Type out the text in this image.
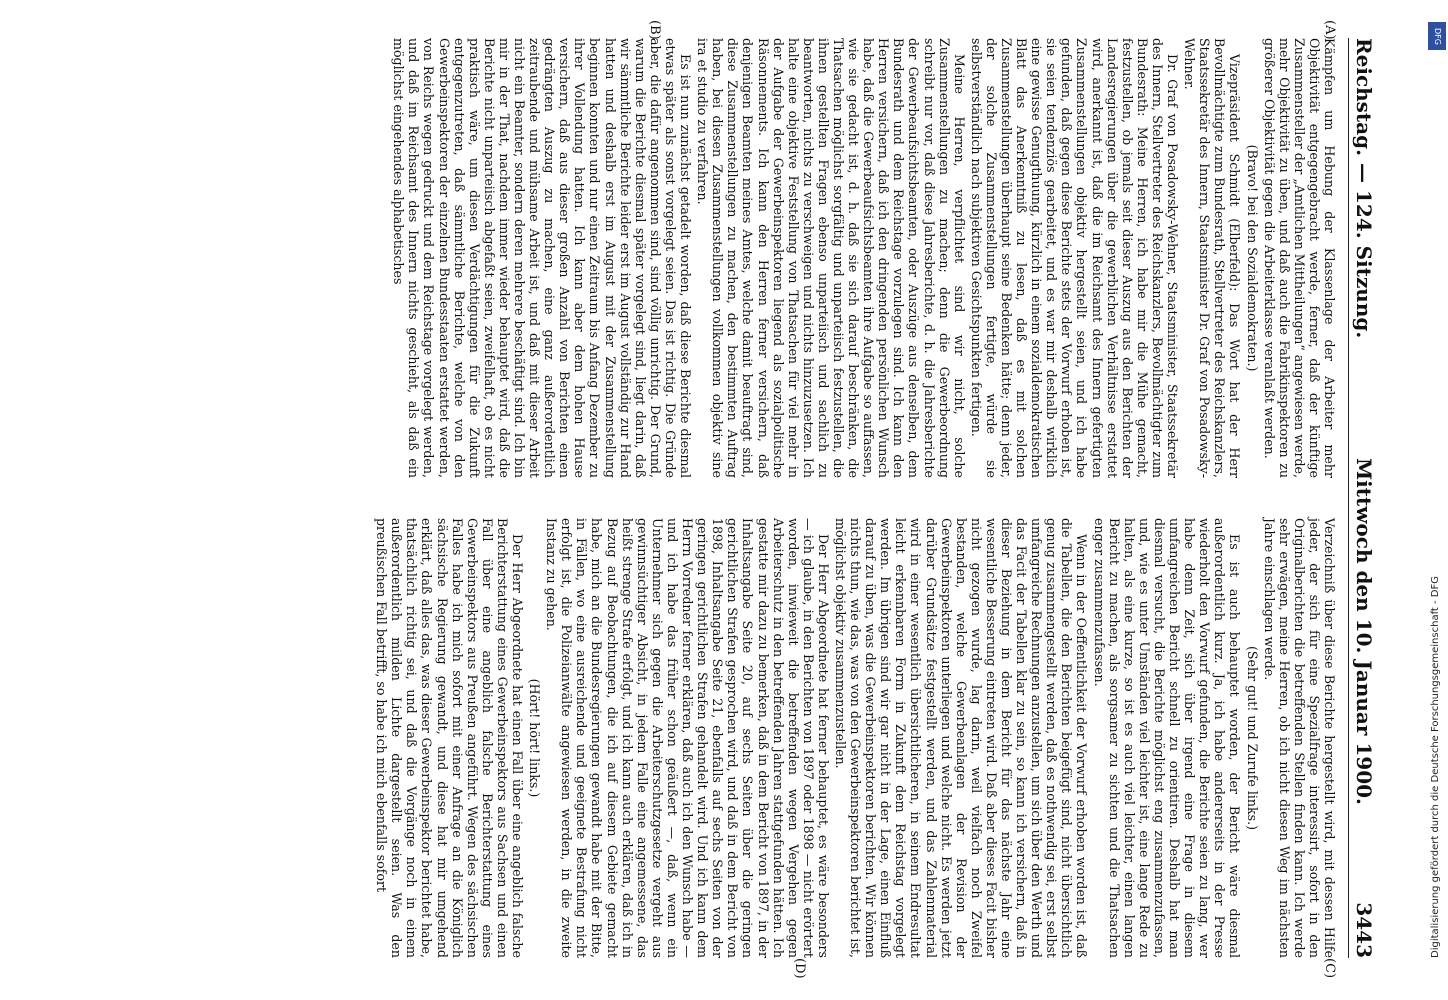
Reichstag. — 124. Sitzung.
Mittwoch den 10. Januar 1900.
3443
(A)
(B)
(C)
(D)

Kämpfen um Hebung der Klassenlage der Arbeiter mehr Objektivität entgegengebracht werde, ferner, daß der künftige Zusammensteller der „Amtlichen Mittheilungen“ angewiesen werde, mehr Objektivität zu üben, und daß auch die Fabrikinspektoren zu größerer Objektivität gegen die Arbeiterklasse veranlaßt werden.

(Bravo! bei den Sozialdemokraten.)

Vizepräsident Schmidt (Elberfeld): Das Wort hat der Herr Bevollmächtigte zum Bundesrath, Stellvertreter des Reichskanzlers, Staatssekretär des Innern, Staatsminister Dr. Graf von Posadowsky-Wehner.

Dr. Graf von Posadowsky-Wehner, Staatsminister, Staatssekretär des Innern, Stellvertreter des Reichskanzlers, Bevollmächtigter zum Bundesrath: Meine Herren, ich habe mir die Mühe gemacht, festzustellen, ob jemals seit dieser Auszug aus den Berichten der Landesregierungen über die gewerblichen Verhältnisse erstattet wird, anerkannt ist, daß die im Reichsamt des Innern gefertigten Zusammenstellungen objektiv hergestellt seien, und ich habe gefunden, daß gegen diese Berichte stets der Vorwurf erhoben ist, sie seien tendenziös gearbeitet, und es war mir deshalb wirklich eine gewisse Genugthuung, kürzlich in einem sozialdemokratischen Blatt das Anerkenntniß zu lesen, daß es mit solchen Zusammenstellungen überhaupt seine Bedenken hätte; denn jeder, der solche Zusammenstellungen fertigte, würde sie selbstverständlich nach subjektiven Gesichtspunkten fertigen.

Meine Herren, verpflichtet sind wir nicht, solche Zusammenstellungen zu machen; denn die Gewerbeordnung schreibt nur vor, daß diese Jahresberichte, d. h. die Jahresberichte der Gewerbeaufsichtsbeamten, oder Auszüge aus denselben, dem Bundesrath und dem Reichstage vorzulegen sind. Ich kann den Herren versichern, daß ich den dringenden persönlichen Wunsch habe, daß die Gewerbeaufsichtsbeamten ihre Aufgabe so auffassen, wie sie gedacht ist, d. h. daß sie sich darauf beschränken, die Thatsachen möglichst sorgfältig und unparteiisch festzustellen, die ihnen gestellten Fragen ebenso unparteiisch und sachlich zu beantworten, nichts zu verschweigen und nichts hinzuzusetzen. Ich halte eine objektive Feststellung von Thatsachen für viel mehr in der Aufgabe der Gewerbeinspektoren liegend als sozialpolitische Räsonnements. Ich kann den Herren ferner versichern, daß denjenigen Beamten meines Amtes, welche damit beauftragt sind, diese Zusammenstellungen zu machen, den bestimmten Auftrag haben, bei diesen Zusammenstellungen vollkommen objektiv sine ira et studio zu verfahren.

Es ist nun zunächst getadelt worden, daß diese Berichte diesmal etwas später als sonst vorgelegt seien. Das ist richtig. Die Gründe aber, die dafür angenommen sind, sind völlig unrichtig. Der Grund, warum die Berichte diesmal später vorgelegt sind, liegt darin, daß wir sämmtliche Berichte leider erst im August vollständig zur Hand hatten und deshalb erst im August mit der Zusammenstellung beginnen konnten und nur einen Zeitraum bis Anfang Dezember zu ihrer Vollendung hatten. Ich kann aber dem hohen Hause versichern, daß aus dieser großen Anzahl von Berichten einen gedrängten Auszug zu machen, eine ganz außerordentlich zeitraubende und mühsame Arbeit ist, und daß mit dieser Arbeit nicht ein Beamter, sondern deren mehrere beschäftigt sind. Ich bin mir in der That, nachdem immer wieder behauptet wird, daß die Berichte nicht unparteiisch abgefaßt seien, zweifelhaft, ob es nicht praktisch wäre, um diesen Verdächtigungen für die Zukunft entgegenzutreten, daß sämmtliche Berichte, welche von den Gewerbeinspektoren der einzelnen Bundesstaaten erstattet werden, von Reichs wegen gedruckt und dem Reichstage vorgelegt werden, und daß im Reichsamt des Innern nichts geschieht, als daß ein möglichst eingehendes alphabetisches

Verzeichniß über diese Berichte hergestellt wird, mit dessen Hilfe jeder, der sich für eine Spezialfrage interessirt, sofort in den Originalberichten die betreffenden Stellen finden kann. Ich werde sehr erwägen, meine Herren, ob ich nicht diesen Weg im nächsten Jahre einschlagen werde.

(Sehr gut! und Zurufe links.)

Es ist auch behauptet worden, der Bericht wäre diesmal außerordentlich kurz. Ja, ich habe andererseits in der Presse wiederholt den Vorwurf gefunden, die Berichte seien zu lang, wer habe denn Zeit, sich über irgend eine Frage in diesem umfangreichen Bericht schnell zu orientiren. Deshalb hat man diesmal versucht, die Berichte möglichst eng zusammenzufassen, und, wie es unter Umständen viel leichter ist, eine lange Rede zu halten, als eine kurze, so ist es auch viel leichter, einen langen Bericht zu machen, als sorgsamer zu sichten und die Thatsachen enger zusammenzufassen.

Wenn in der Oeffentlichkeit der Vorwurf erhoben worden ist, daß die Tabellen, die den Berichten beigefügt sind, nicht übersichtlich genug zusammengestellt werden, daß es nothwendig sei, erst selbst umfangreiche Rechnungen anzustellen, um sich über den Werth und das Facit der Tabellen klar zu sein, so kann ich versichern, daß in dieser Beziehung in dem Bericht für das nächste Jahr eine wesentliche Besserung eintreten wird. Daß aber dieses Facit bisher nicht gezogen wurde, lag darin, weil vielfach noch Zweifel bestanden, welche Gewerbeanlagen der Revision der Gewerbeinspektoren unterliegen und welche nicht. Es werden jetzt darüber Grundsätze festgestellt werden, und das Zahlenmaterial wird in einer wesentlich übersichtlicheren, in seinem Endresultat leicht erkennbaren Form in Zukunft dem Reichstag vorgelegt werden. Im übrigen sind wir gar nicht in der Lage, einen Einfluß darauf zu üben, was die Gewerbeinspektoren berichten. Wir können nichts thun, wie das, was von den Gewerbeinspektoren berichtet ist, möglichst objektiv zusammenzustellen.

Der Herr Abgeordnete hat ferner behauptet, es wäre besonders — ich glaube, in den Berichten von 1897 oder 1898 — nicht erörtert worden, inwieweit die betreffenden wegen Vergehen gegen Arbeiterschutz in den betreffenden Jahren stattgefunden hätten. Ich gestatte mir dazu zu bemerken, daß in dem Bericht von 1897, in der Inhaltsangabe Seite 20, auf sechs Seiten über die geringen gerichtlichen Strafen gesprochen wird, und daß in dem Bericht von 1898, Inhaltsangabe Seite 21, ebenfalls auf sechs Seiten von der geringen gerichtlichen Strafen gehandelt wird. Und ich kann dem Herrn Vorredner ferner erklären, daß auch ich den Wunsch habe — und ich habe das früher schon geäußert —, daß, wenn ein Unternehmer sich gegen die Arbeiterschutzgesetze vergeht aus gewinnsüchtiger Absicht, in jedem Falle eine angemessene, das heißt strenge Strafe erfolgt, und ich kann auch erklären, daß ich in Bezug auf Beobachtungen, die ich auf diesem Gebiete gemacht habe, mich an die Bundesregierungen gewandt habe mit der Bitte, in Fällen, wo eine ausreichende und geeignete Bestrafung nicht erfolgt ist, die Polizeianwälte angewiesen werden, in die zweite Instanz zu gehen.

(Hört! hört! links.)

Der Herr Abgeordnete hat einen Fall über eine angeblich falsche Berichterstattung eines Gewerbeinspektors aus Sachsen und einen Fall über eine angeblich falsche Berichterstattung eines Gewerbeinspektors aus Preußen angeführt. Wegen des sächsischen Falles habe ich mich sofort mit einer Anfrage an die Königlich sächsische Regierung gewandt, und diese hat mir umgehend erklärt, daß alles das, was dieser Gewerbeinspektor berichtet habe, thatsächlich richtig sei, und daß die Vorgänge noch in einem außerordentlich milden Lichte dargestellt seien. Was den preußischen Fall betrifft, so habe ich mich ebenfalls sofort

DFG
Digitalisierung gefördert durch die Deutsche Forschungsgemeinschaft - DFG
